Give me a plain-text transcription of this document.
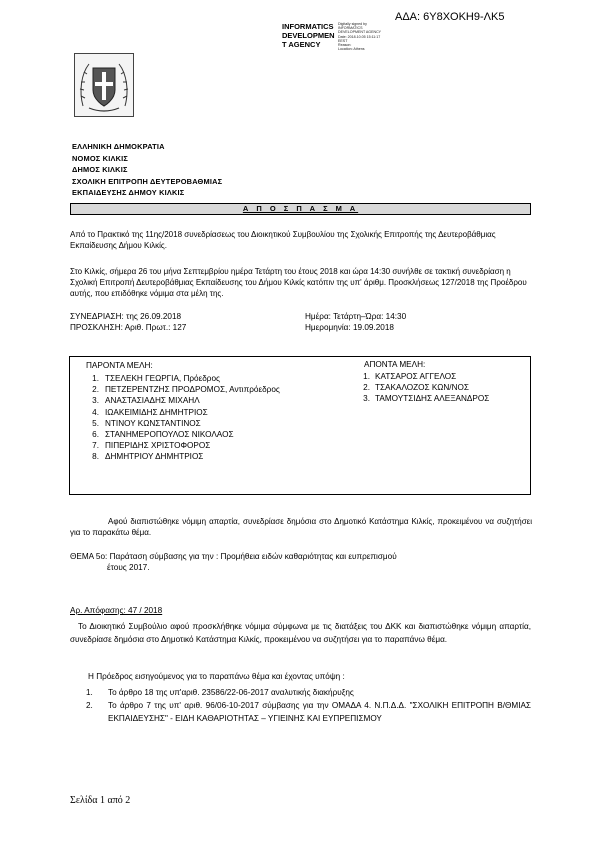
ΑΔΑ: 6Υ8ΧΟΚΗ9-ΛΚ5
INFORMATICS
DEVELOPMEN
T AGENCY
Digitally signed by
INFORMATICS
DEVELOPMENT AGENCY
Date: 2018.10.05 15:11:17
EEST
Reason:
Location: Athens
ΕΛΛΗΝΙΚΗ ΔΗΜΟΚΡΑΤΙΑ
ΝΟΜΟΣ ΚΙΛΚΙΣ
ΔΗΜΟΣ ΚΙΛΚΙΣ
ΣΧΟΛΙΚΗ ΕΠΙΤΡΟΠΗ ΔΕΥΤΕΡΟΒΑΘΜΙΑΣ
ΕΚΠΑΙΔΕΥΣΗΣ ΔΗΜΟΥ ΚΙΛΚΙΣ
Α Π Ο Σ Π Α Σ Μ Α
Από το Πρακτικό της 11ης/2018 συνεδρίασεως του Διοικητικού Συμβουλίου της Σχολικής Επιτροπής της Δευτεροβάθμιας Εκπαίδευσης Δήμου Κιλκίς.
Στο Κιλκίς, σήμερα 26 του μήνα Σεπτεμβρίου ημέρα Τετάρτη του έτους 2018 και ώρα 14:30 συνήλθε σε τακτική συνεδρίαση η Σχολική Επιτροπή Δευτεροβάθμιας Εκπαίδευσης του Δήμου Κιλκίς κατόπιν της υπ' άριθμ. Προσκλήσεως 127/2018 της Προέδρου αυτής, που επιδόθηκε νόμιμα στα μέλη της.
ΣΥΝΕΔΡΙΑΣΗ: της 26.09.2018	Ημέρα: Τετάρτη–Ώρα: 14:30
ΠΡΟΣΚΛΗΣΗ: Αριθ. Πρωτ.: 127	Ημερομηνία: 19.09.2018
ΠΑΡΟΝΤΑ ΜΕΛΗ:
1. ΤΣΕΛΕΚΗ ΓΕΩΡΓΙΑ, Πρόεδρος
2. ΠΕΤΖΕΡΕΝΤΖΗΣ ΠΡΟΔΡΟΜΟΣ, Αντιπρόεδρος
3. ΑΝΑΣΤΑΣΙΑΔΗΣ ΜΙΧΑΗΛ
4. ΙΩΑΚΕΙΜΙΔΗΣ ΔΗΜΗΤΡΙΟΣ
5. ΝΤΙΝΟΥ ΚΩΝΣΤΑΝΤΙΝΟΣ
6. ΣΤΑΝΗΜΕΡΟΠΟΥΛΟΣ ΝΙΚΟΛΑΟΣ
7. ΠΙΠΕΡΙΔΗΣ ΧΡΙΣΤΟΦΟΡΟΣ
8. ΔΗΜΗΤΡΙΟΥ ΔΗΜΗΤΡΙΟΣ
ΑΠΟΝΤΑ ΜΕΛΗ:
1. ΚΑΤΣΑΡΟΣ ΑΓΓΕΛΟΣ
2. ΤΣΑΚΑΛΟΖΟΣ ΚΩΝ/ΝΟΣ
3. ΤΑΜΟΥΤΣΙΔΗΣ ΑΛΕΞΑΝΔΡΟΣ
Αφού διαπιστώθηκε νόμιμη απαρτία, συνεδρίασε δημόσια στο Δημοτικό Κατάστημα Κιλκίς, προκειμένου να συζητήσει για το παρακάτω θέμα.
ΘΕΜΑ 5ο: Παράταση σύμβασης για την : Προμήθεια ειδών καθαριότητας και ευπρεπισμού
έτους 2017.
Αρ. Απόφασης: 47 / 2018
Το Διοικητικό Συμβούλιο αφού προσκλήθηκε νόμιμα σύμφωνα με τις διατάξεις του ΔΚΚ και διαπιστώθηκε νόμιμη απαρτία, συνεδρίασε δημόσια στο Δημοτικό Κατάστημα Κιλκίς, προκειμένου να συζητήσει για το παραπάνω θέμα.
Η Πρόεδρος εισηγούμενος για το παραπάνω θέμα και έχοντας υπόψη :
1. Το άρθρο 18 της υπ'αριθ. 23586/22-06-2017 αναλυτικής διακήρυξης
2. Το άρθρο 7 της υπ' αριθ. 96/06-10-2017 σύμβασης για την ΟΜΑΔΑ 4. Ν.Π.Δ.Δ. "ΣΧΟΛΙΚΗ ΕΠΙΤΡΟΠΗ Β/ΘΜΙΑΣ ΕΚΠΑΙΔΕΥΣΗΣ" - ΕΙΔΗ ΚΑΘΑΡΙΟΤΗΤΑΣ – ΥΓΙΕΙΝΗΣ ΚΑΙ ΕΥΠΡΕΠΙΣΜΟΥ
Σελίδα 1 από 2
